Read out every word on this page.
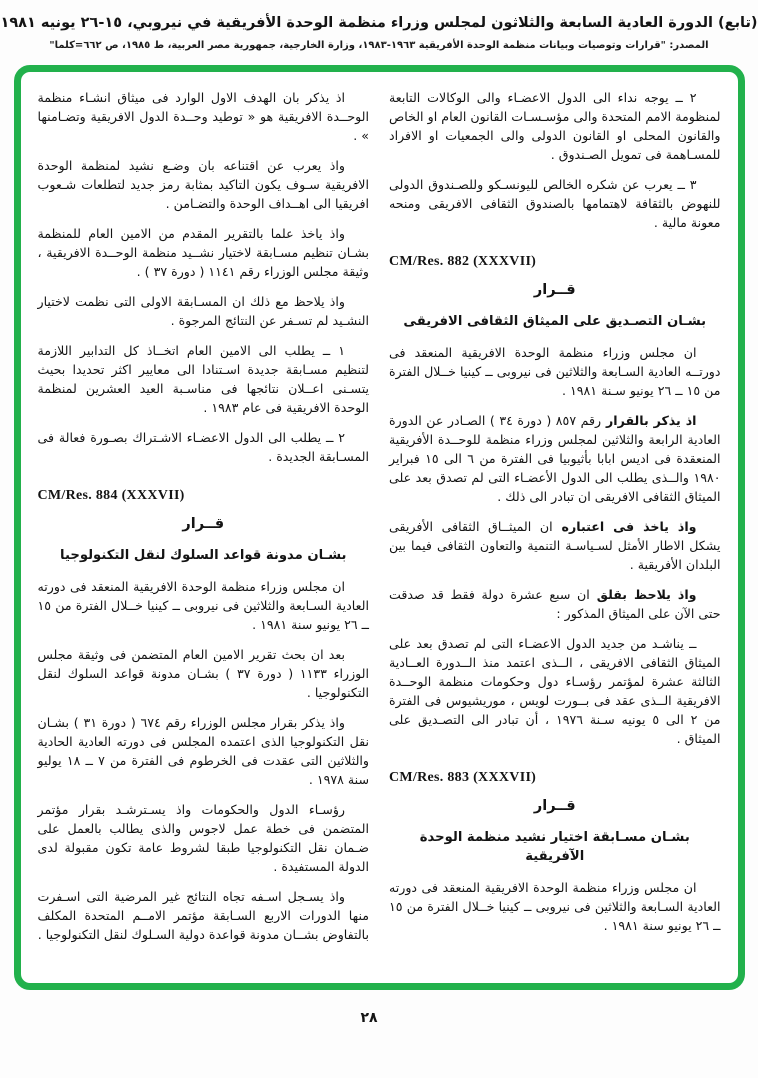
(تابع) الدورة العادية السابعة والثلاثون لمجلس وزراء منظمة الوحدة الأفريقية في نيروبي، ١٥-٢٦ يونيه ١٩٨١
المصدر: "قرارات وتوصيات وبيانات منظمة الوحدة الأفريقية ١٩٦٣-١٩٨٣، وزارة الخارجية، جمهورية مصر العربية، ط ١٩٨٥، ص ٦٦٢=كلما"
٢ ــ يوجه نداء الى الدول الاعضـاء والى الوكالات التابعة لمنظومة الامم المتحدة والى مؤسـسـات القانون العام او الخاص والقانون المحلى او القانون الدولى والى الجمعيات او الافراد للمسـاهمة فى تمويل الصـندوق .
٣ ــ يعرب عن شكره الخالص لليونسـكو وللصـندوق الدولى للنهوض بالثقافة لاهتمامها بالصندوق الثقافى الافريقى ومنحه معونة مالية .
CM/Res. 882 (XXXVII)
قــرار
بشـان التصـديق على الميثاق الثقافى الافريقى
ان مجلس وزراء منظمة الوحدة الافريقية المنعقد فى دورتــه العادية السـابعة والثلاثين فى نيروبى ــ كينيا خــلال الفترة من ١٥ ــ ٢٦ يونيو سـنة ١٩٨١ .
اذ يذكر بالقرار رقم ٨٥٧ ( دورة ٣٤ ) الصـادر عن الدورة العادية الرابعة والثلاثين لمجلس وزراء منظمة للوحــدة الأفريقية المنعقدة فى اديس ابابا بأثيوبيا فى الفترة من ٦ الى ١٥ فبراير ١٩٨٠ والــذى يطلب الى الدول الأعضـاء التى لم تصدق بعد على الميثاق الثقافى الافريقى ان تبادر الى ذلك .
واذ ياخذ فى اعتباره ان الميثــاق الثقافى الأفريقى يشكل الاطار الأمثل لسـياسـة التنمية والتعاون الثقافى فيما بين البلدان الأفريقية .
واذ يلاحظ بقلق ان سبع عشرة دولة فقط قد صدقت حتى الآن على الميثاق المذكور :
ــ يناشـد من جديد الدول الاعضـاء التى لم تصدق بعد على الميثاق الثقافى الافريقى ، الــذى اعتمد منذ الــدورة العــادية الثالثة عشرة لمؤتمر رؤسـاء دول وحكومات منظمة الوحــدة الافريقية الــذى عقد فى بــورت لويس ، موريشيوس فى الفترة من ٢ الى ٥ يونيه سـنة ١٩٧٦ ، أن تبادر الى التصـديق على الميثاق .
CM/Res. 883 (XXXVII)
قــرار
بشـان مسـابقة اختيار نشيد منظمة الوحدة الآفريقية
ان مجلس وزراء منظمة الوحدة الافريقية المنعقد فى دورته العادية السـابعة والثلاثين فى نيروبى ــ كينيا خــلال الفترة من ١٥ ــ ٢٦ يونيو سنة ١٩٨١ .
اذ يذكر بان الهدف الاول الوارد فى ميثاق انشـاء منظمة الوحــدة الافريقية هو « توطيد وحــدة الدول الافريقية وتضـامنها » .
واذ يعرب عن اقتناعه بان وضـع نشيد لمنظمة الوحدة الافريقية سـوف يكون التاكيد بمثابة رمز جديد لتطلعات شـعوب افريقيا الى اهــداف الوحدة والتضـامن .
واذ ياخذ علما بالتقرير المقدم من الامين العام للمنظمة بشـان تنظيم مسـابقة لاختيار نشــيد منظمة الوحــدة الافريقية ، وثيقة مجلس الوزراء رقم ١١٤١ ( دورة ٣٧ ) .
واذ يلاحظ مع ذلك ان المسـابقة الاولى التى نظمت لاختيار النشـيد لم تسـفر عن النتائج المرجوة .
١ ــ يطلب الى الامين العام اتخــاذ كل التدابير اللازمة لتنظيم مسـابقة جديدة اسـتنادا الى معايير اكثر تحديدا بحيث يتسـنى اعــلان نتائجها فى مناسـبة العيد العشرين لمنظمة الوحدة الافريقية فى عام ١٩٨٣ .
٢ ــ يطلب الى الدول الاعضـاء الاشـتراك بصـورة فعالة فى المسـابقة الجديدة .
CM/Res. 884 (XXXVII)
قــرار
بشـان مدونة قواعد السلوك لنقل التكنولوجيا
ان مجلس وزراء منظمة الوحدة الافريقية المنعقد فى دورته العادية السـابعة والثلاثين فى نيروبى ــ كينيا خــلال الفترة من ١٥ ــ ٢٦ يونيو سنة ١٩٨١ .
بعد ان بحث تقرير الامين العام المتضمن فى وثيقة مجلس الوزراء ١١٣٣ ( دورة ٣٧ ) بشـان مدونة قواعد السلوك لنقل التكنولوجيا .
واذ يذكر بقرار مجلس الوزراء رقم ٦٧٤ ( دورة ٣١ ) بشـان نقل التكنولوجيا الذى اعتمده المجلس فى دورته العادية الحادية والثلاثين التى عقدت فى الخرطوم فى الفترة من ٧ ــ ١٨ يوليو سنة ١٩٧٨ .
رؤسـاء الدول والحكومات واذ يسـترشـد بقرار مؤتمر المتضمن فى خطة عمل لاجوس والذى يطالب بالعمل على ضـمان نقل التكنولوجيا طبقا لشروط عامة تكون مقبولة لدى الدولة المستفيدة .
واذ يسـجل اسـفه تجاه النتائج غير المرضية التى اسـفرت منها الدورات الاربع السـابقة مؤتمر الامــم المتحدة المكلف بالتفاوض بشــان مدونة قواعدة دولية السـلوك لنقل التكنولوجيا .
٢٨
